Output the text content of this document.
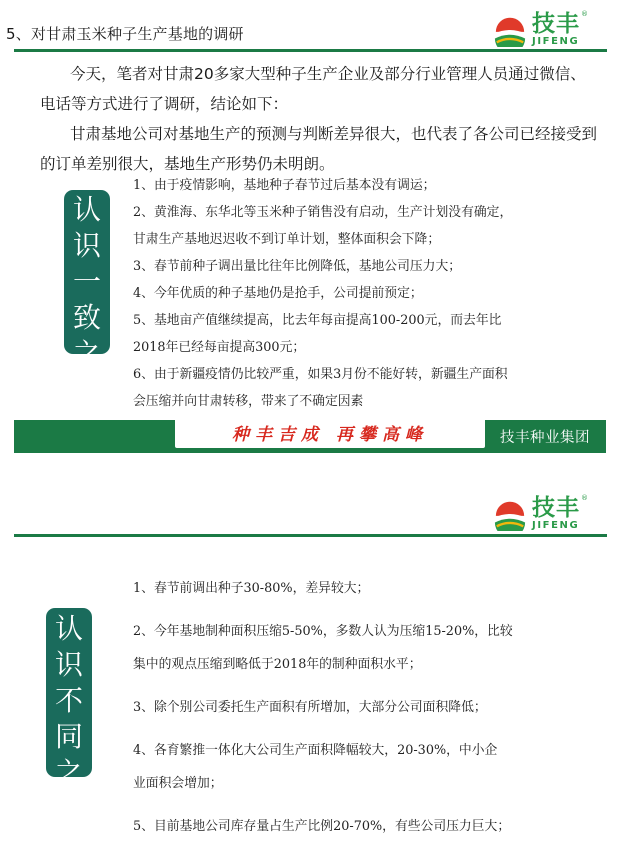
5、对甘肃玉米种子生产基地的调研	技丰 ®
JIFENG
今天，笔者对甘肃20多家大型种子生产企业及部分行业管理人员通过微信、
电话等方式进行了调研，结论如下：
甘肃基地公司对基地生产的预测与判断差异很大，也代表了各公司已经接受到
的订单差别很大，基地生产形势仍未明朗。
认
识
一
致
之
处
1、由于疫情影响，基地种子春节过后基本没有调运；
2、黄淮海、东华北等玉米种子销售没有启动，生产计划没有确定，
甘肃生产基地迟迟收不到订单计划，整体面积会下降；
3、春节前种子调出量比往年比例降低，基地公司压力大；
4、今年优质的种子基地仍是抢手，公司提前预定；
5、基地亩产值继续提高，比去年每亩提高100-200元，而去年比
2018年已经每亩提高300元；
6、由于新疆疫情仍比较严重，如果3月份不能好转，新疆生产面积
会压缩并向甘肃转移，带来了不确定因素
种丰吉成 再攀高峰	技丰种业集团
技丰 ®
JIFENG
认
识
不
同
之
处
1、春节前调出种子30-80%，差异较大；
2、今年基地制种面积压缩5-50%，多数人认为压缩15-20%，比较
集中的观点压缩到略低于2018年的制种面积水平；
3、除个别公司委托生产面积有所增加，大部分公司面积降低；
4、各育繁推一体化大公司生产面积降幅较大，20-30%，中小企
业面积会增加；
5、目前基地公司库存量占生产比例20-70%，有些公司压力巨大；
